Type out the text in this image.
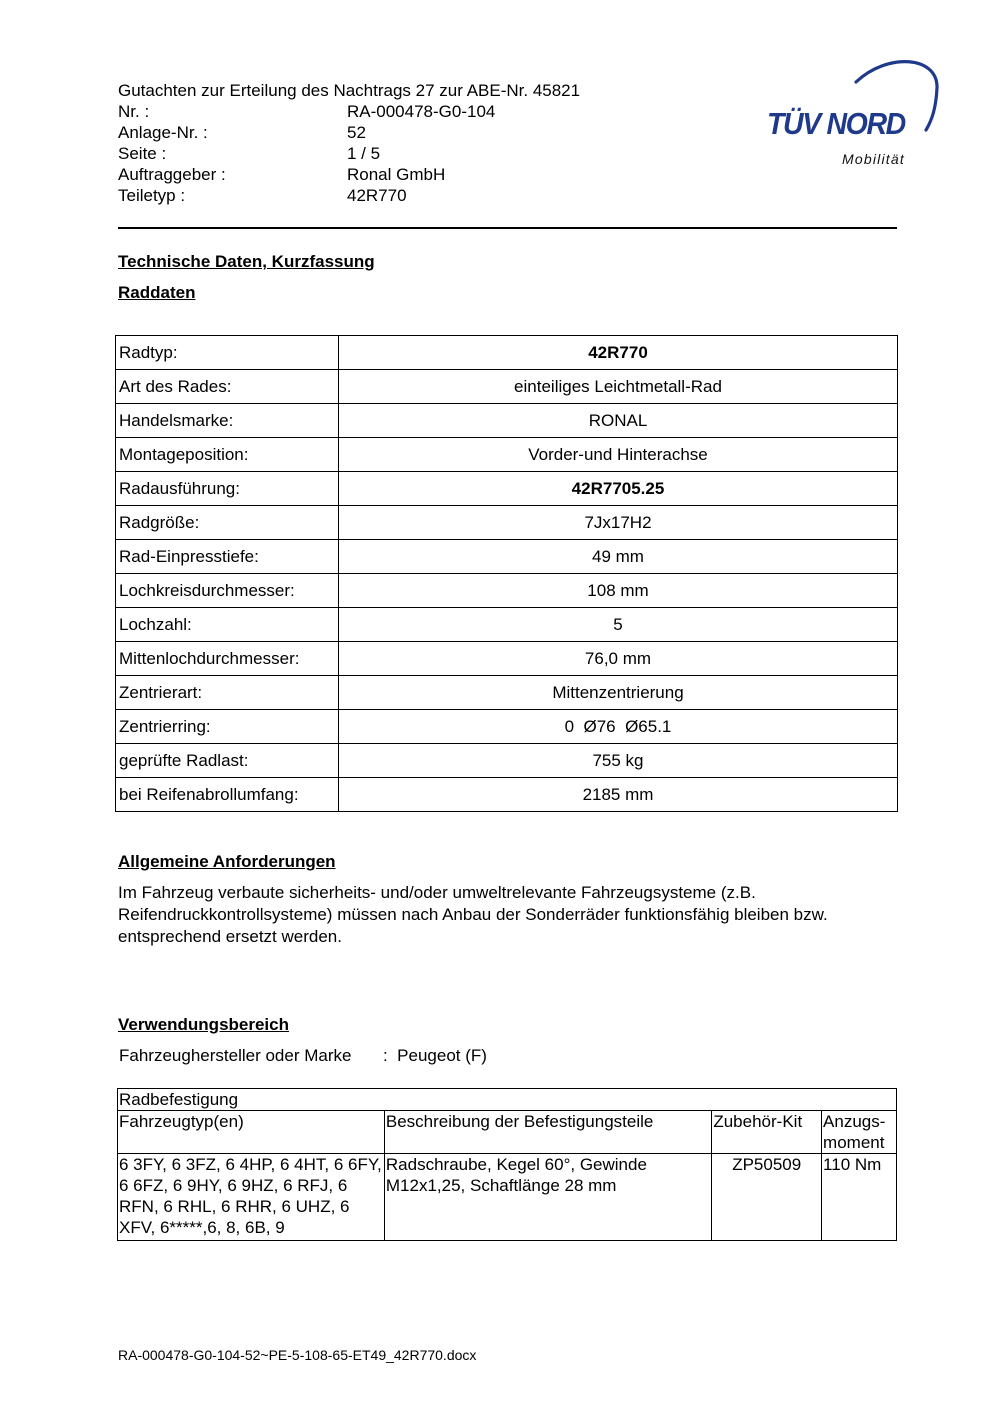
Gutachten zur Erteilung des Nachtrags 27 zur ABE-Nr. 45821
Nr. :	RA-000478-G0-104
Anlage-Nr. :	52
Seite :	1 / 5
Auftraggeber :	Ronal GmbH
Teiletyp :	42R770
TÜV NORD
Mobilität
Technische Daten, Kurzfassung
Raddaten
Radtyp:	42R770
Art des Rades:	einteiliges Leichtmetall-Rad
Handelsmarke:	RONAL
Montageposition:	Vorder-und Hinterachse
Radausführung:	42R7705.25
Radgröße:	7Jx17H2
Rad-Einpresstiefe:	49 mm
Lochkreisdurchmesser:	108 mm
Lochzahl:	5
Mittenlochdurchmesser:	76,0 mm
Zentrierart:	Mittenzentrierung
Zentrierring:	0  Ø76  Ø65.1
geprüfte Radlast:	755 kg
bei Reifenabrollumfang:	2185 mm
Allgemeine Anforderungen
Im Fahrzeug verbaute sicherheits- und/oder umweltrelevante Fahrzeugsysteme (z.B. Reifendruckkontrollsysteme) müssen nach Anbau der Sonderräder funktionsfähig bleiben bzw. entsprechend ersetzt werden.
Verwendungsbereich
Fahrzeughersteller oder Marke :  Peugeot (F)
Radbefestigung			
Fahrzeugtyp(en)	Beschreibung der Befestigungsteile	Zubehör-Kit	Anzugs-
moment
6 3FY, 6 3FZ, 6 4HP, 6 4HT, 6 6FY, 6 6FZ, 6 9HY, 6 9HZ, 6 RFJ, 6 RFN, 6 RHL, 6 RHR, 6 UHZ, 6 XFV, 6*****,6, 8, 6B, 9	Radschraube, Kegel 60°, Gewinde M12x1,25, Schaftlänge 28 mm	ZP50509	110 Nm
RA-000478-G0-104-52~PE-5-108-65-ET49_42R770.docx
